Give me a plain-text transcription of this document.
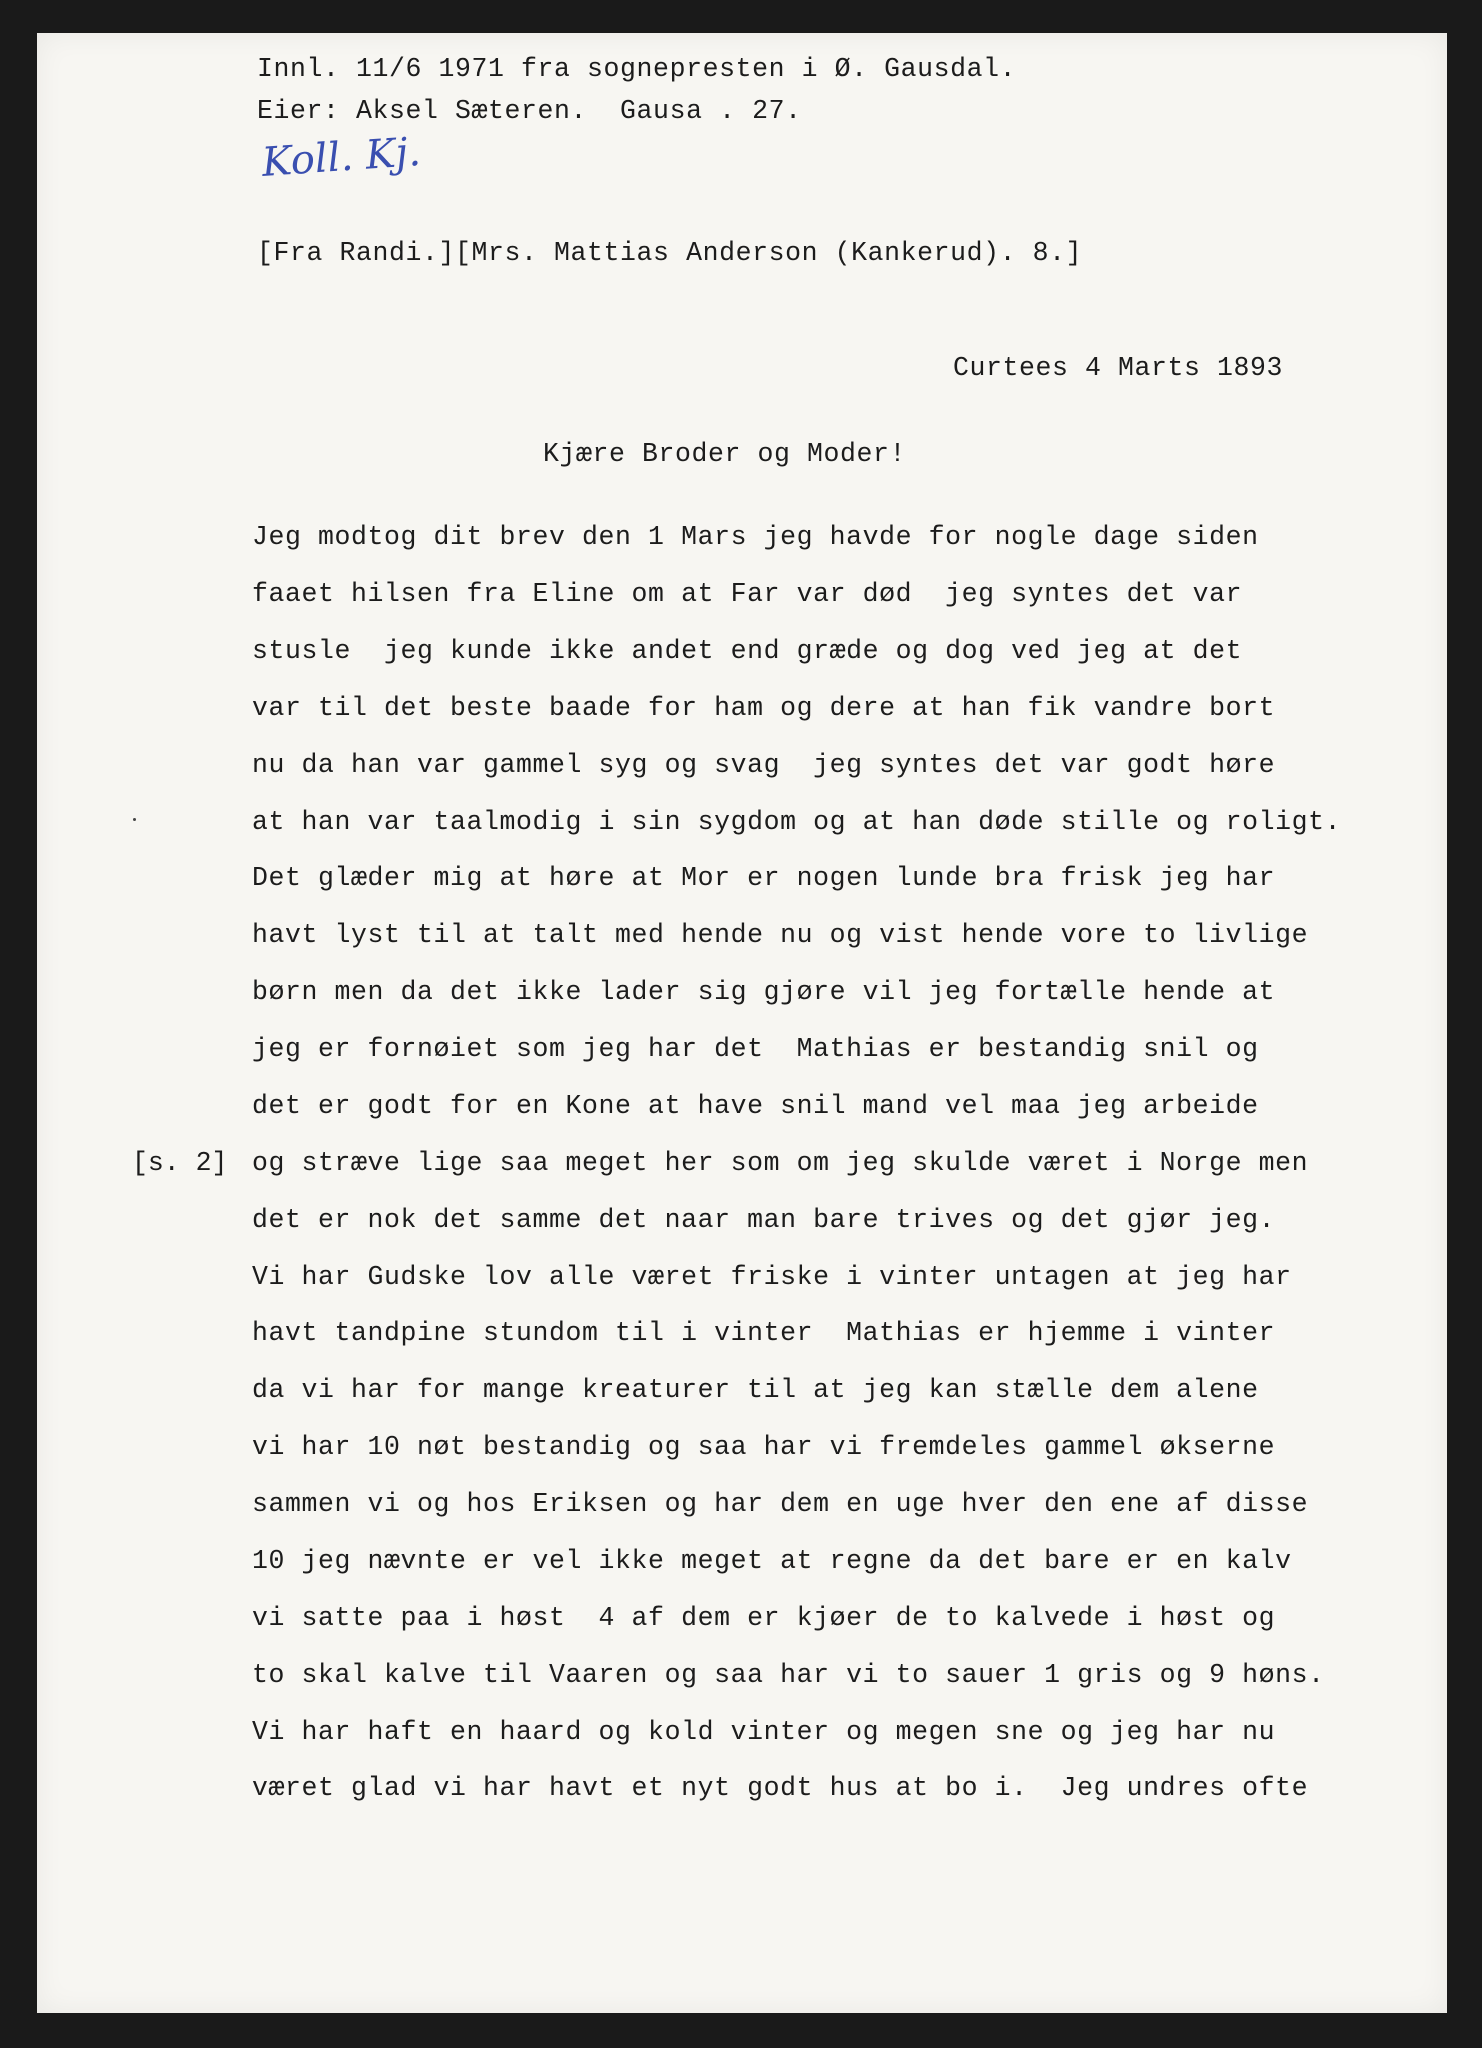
Innl. 11/6 1971 fra sognepresten i Ø. Gausdal.
Eier: Aksel Sæteren.  Gausa . 27.
Koll. Kj.
[Fra Randi.][Mrs. Mattias Anderson (Kankerud). 8.]
Curtees 4 Marts 1893
Kjære Broder og Moder!
[s. 2]
Jeg modtog dit brev den 1 Mars jeg havde for nogle dage siden
faaet hilsen fra Eline om at Far var død  jeg syntes det var
stusle  jeg kunde ikke andet end græde og dog ved jeg at det
var til det beste baade for ham og dere at han fik vandre bort
nu da han var gammel syg og svag  jeg syntes det var godt høre
at han var taalmodig i sin sygdom og at han døde stille og roligt.
Det glæder mig at høre at Mor er nogen lunde bra frisk jeg har
havt lyst til at talt med hende nu og vist hende vore to livlige
børn men da det ikke lader sig gjøre vil jeg fortælle hende at
jeg er fornøiet som jeg har det  Mathias er bestandig snil og
det er godt for en Kone at have snil mand vel maa jeg arbeide
og stræve lige saa meget her som om jeg skulde været i Norge men
det er nok det samme det naar man bare trives og det gjør jeg.
Vi har Gudske lov alle været friske i vinter untagen at jeg har
havt tandpine stundom til i vinter  Mathias er hjemme i vinter
da vi har for mange kreaturer til at jeg kan stælle dem alene
vi har 10 nøt bestandig og saa har vi fremdeles gammel økserne
sammen vi og hos Eriksen og har dem en uge hver den ene af disse
10 jeg nævnte er vel ikke meget at regne da det bare er en kalv
vi satte paa i høst  4 af dem er kjøer de to kalvede i høst og
to skal kalve til Vaaren og saa har vi to sauer 1 gris og 9 høns.
Vi har haft en haard og kold vinter og megen sne og jeg har nu
været glad vi har havt et nyt godt hus at bo i.  Jeg undres ofte
